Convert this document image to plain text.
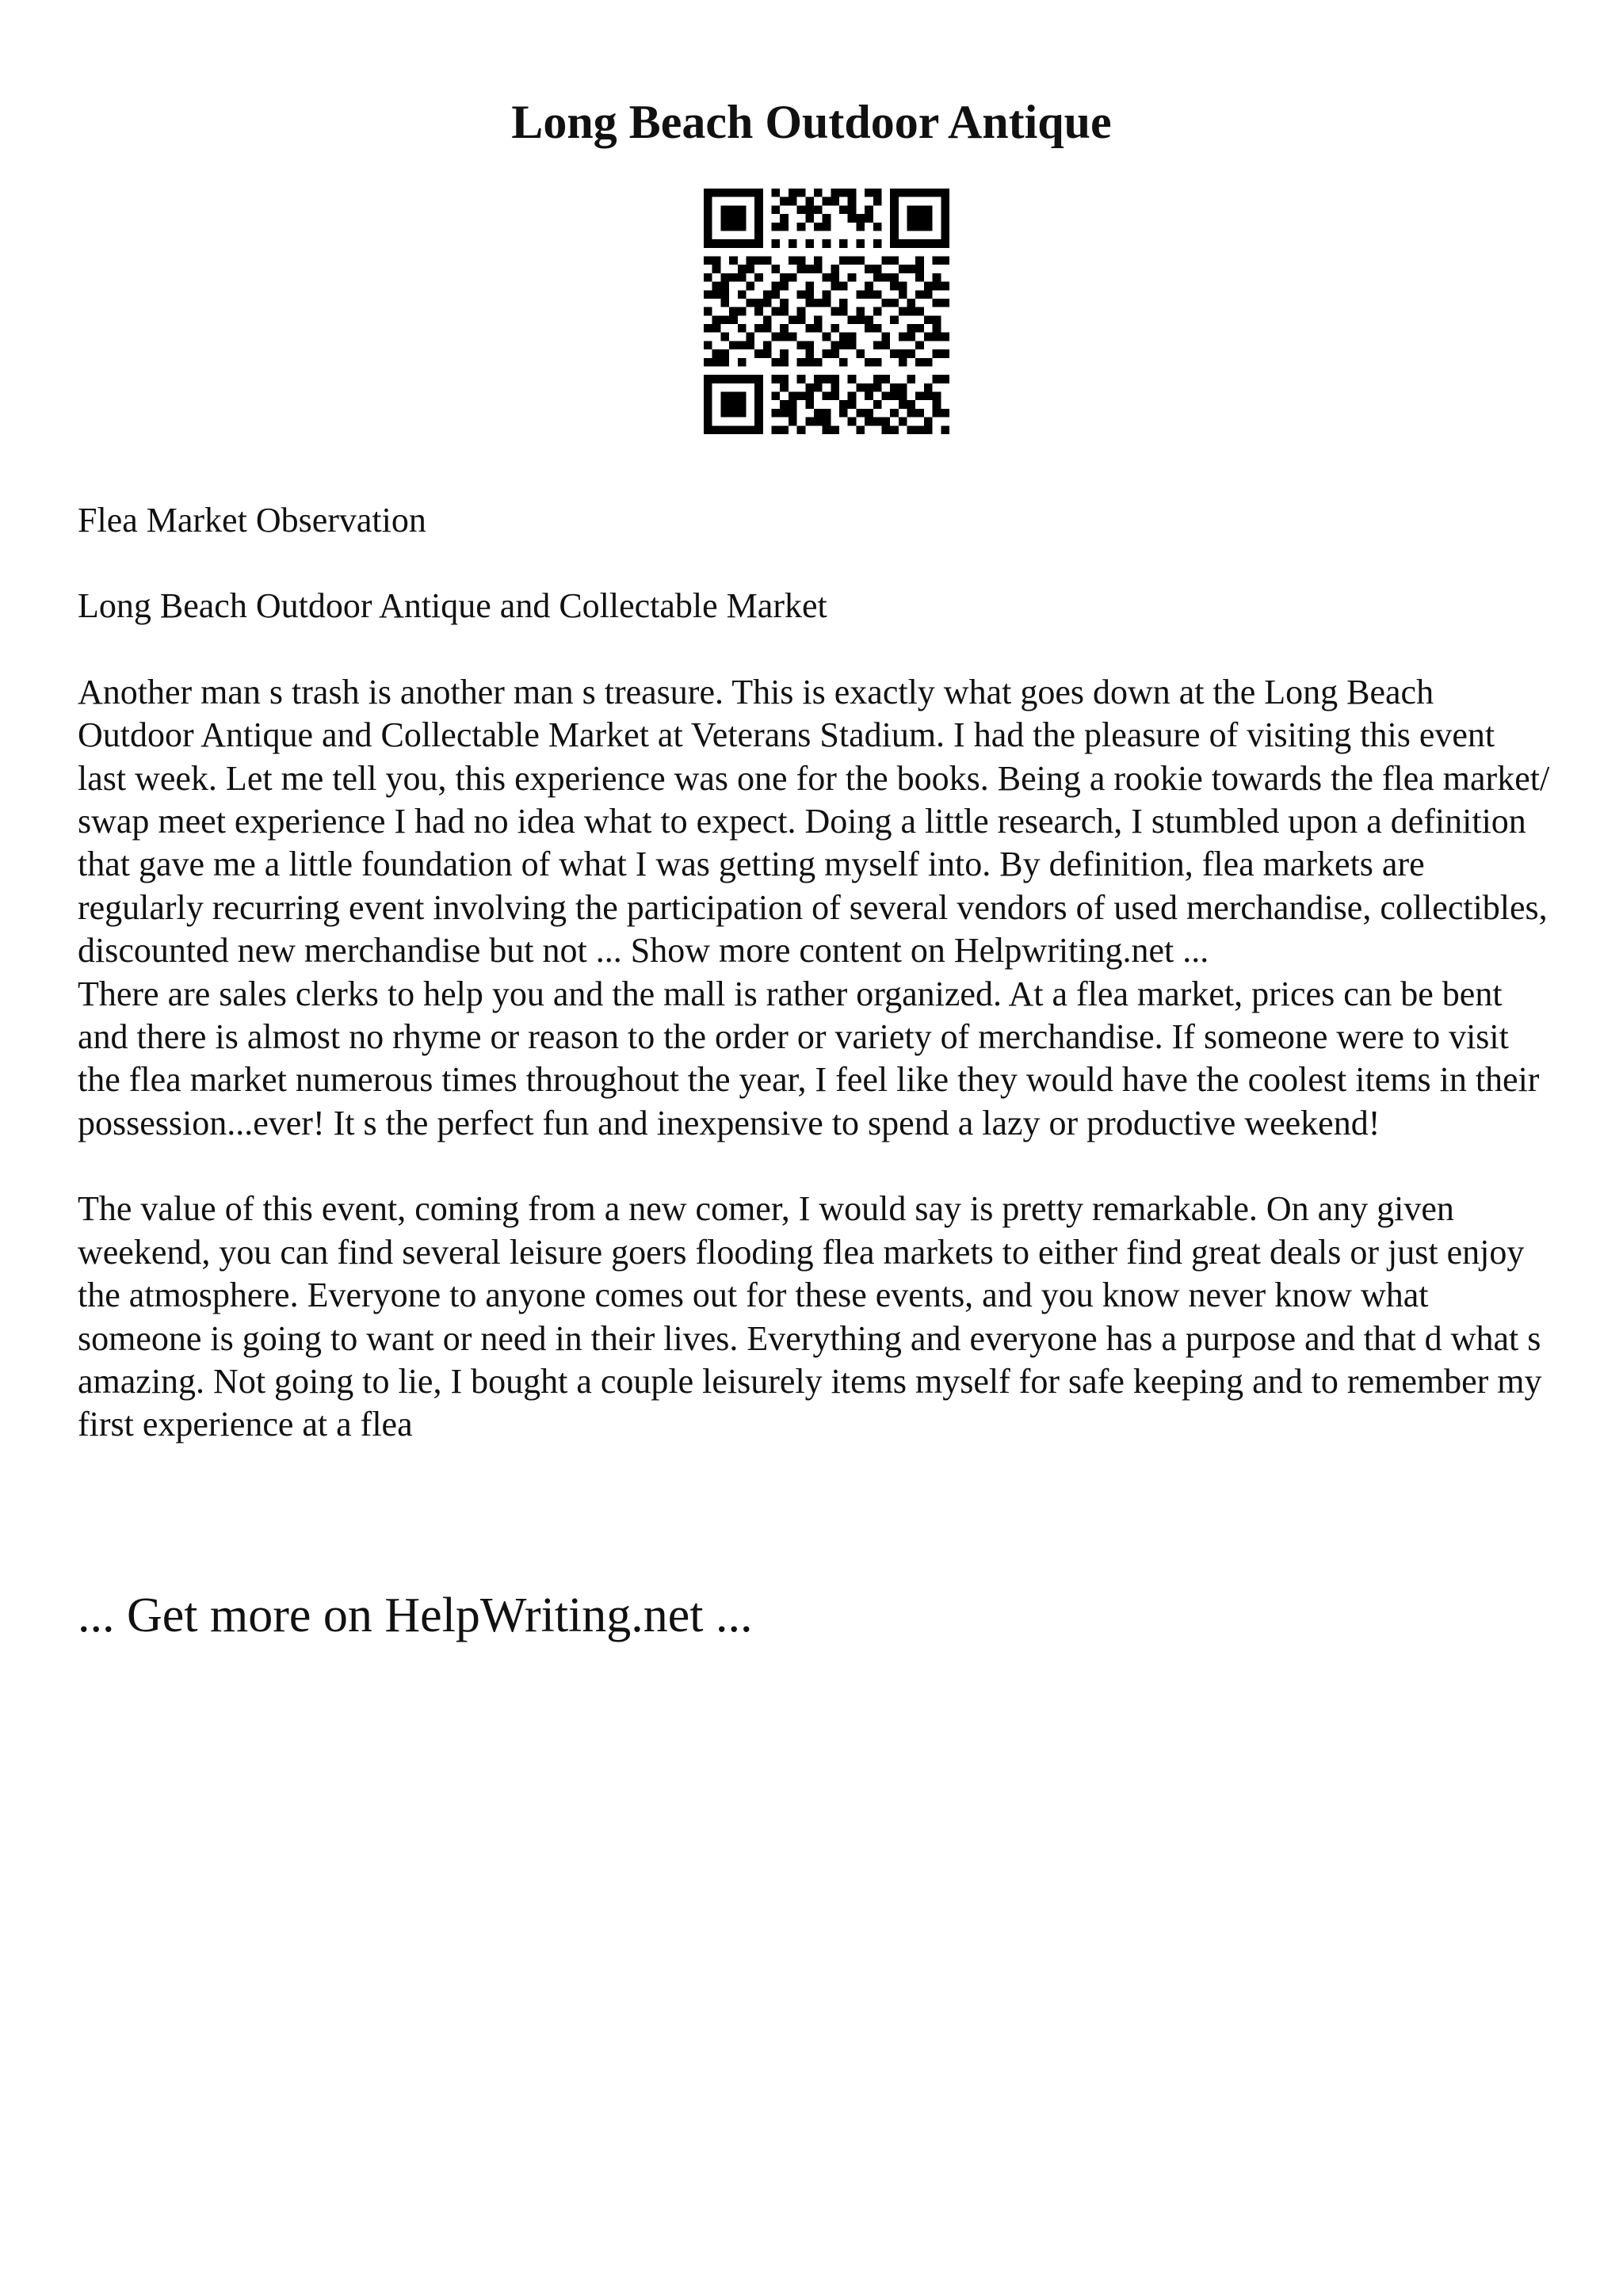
Long Beach Outdoor Antique

Flea Market Observation

Long Beach Outdoor Antique and Collectable Market

Another man s trash is another man s treasure. This is exactly what goes down at the Long Beach Outdoor Antique and Collectable Market at Veterans Stadium. I had the pleasure of visiting this event last week. Let me tell you, this experience was one for the books. Being a rookie towards the flea market/ swap meet experience I had no idea what to expect. Doing a little research, I stumbled upon a definition that gave me a little foundation of what I was getting myself into. By definition, flea markets are regularly recurring event involving the participation of several vendors of used merchandise, collectibles, discounted new merchandise but not ... Show more content on Helpwriting.net ...

There are sales clerks to help you and the mall is rather organized. At a flea market, prices can be bent and there is almost no rhyme or reason to the order or variety of merchandise. If someone were to visit the flea market numerous times throughout the year, I feel like they would have the coolest items in their possession...ever! It s the perfect fun and inexpensive to spend a lazy or productive weekend!

The value of this event, coming from a new comer, I would say is pretty remarkable. On any given weekend, you can find several leisure goers flooding flea markets to either find great deals or just enjoy the atmosphere. Everyone to anyone comes out for these events, and you know never know what someone is going to want or need in their lives. Everything and everyone has a purpose and that d what s amazing. Not going to lie, I bought a couple leisurely items myself for safe keeping and to remember my first experience at a flea

... Get more on HelpWriting.net ...
